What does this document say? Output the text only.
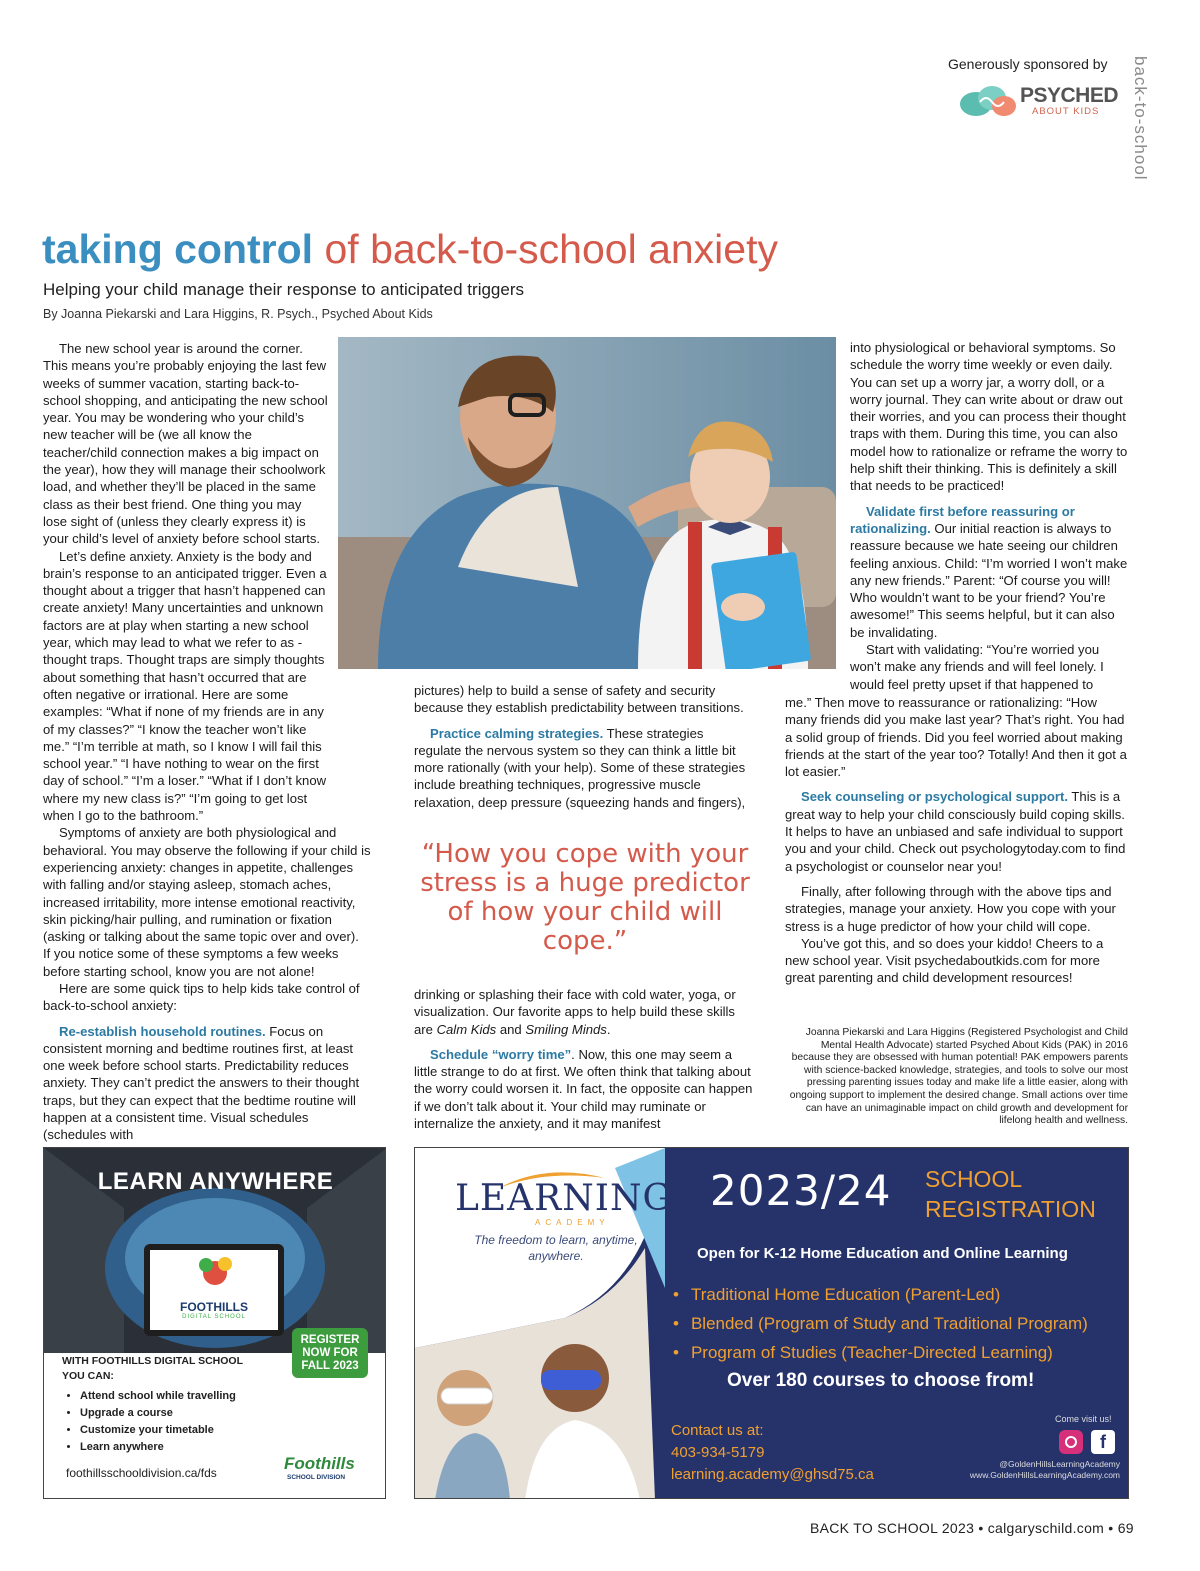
Generously sponsored by
PSYCHED
ABOUT KIDS back-to-school
taking control of back-to-school anxiety
Helping your child manage their response to anticipated triggers
By Joanna Piekarski and Lara Higgins, R. Psych., Psyched About Kids

The new school year is around the corner. This means you’re probably enjoying the last few weeks of summer vacation, starting back-to-school shopping, and anticipating the new school year. You may be wondering who your child’s new teacher will be (we all know the teacher/child connection makes a big impact on the year), how they will manage their schoolwork load, and whether they’ll be placed in the same class as their best friend. One thing you may lose sight of (unless they clearly express it) is your child’s level of anxiety before school starts.

Let’s define anxiety. Anxiety is the body and brain’s response to an anticipated trigger. Even a thought about a trigger that hasn’t happened can create anxiety! Many uncertainties and unknown factors are at play when starting a new school year, which may lead to what we refer to as - thought traps. Thought traps are simply thoughts about something that hasn’t occurred that are often negative or irrational. Here are some examples: “What if none of my friends are in any of my classes?” “I know the teacher won’t like me.” “I’m terrible at math, so I know I will fail this school year.” “I have nothing to wear on the first day of school.” “I’m a loser.” “What if I don’t know where my new class is?” “I’m going to get lost when I go to the bathroom.”

Symptoms of anxiety are both physiological and behavioral. You may observe the following if your child is experiencing anxiety: changes in appetite, challenges with falling and/or staying asleep, stomach aches, increased irritability, more intense emotional reactivity, skin picking/hair pulling, and rumination or fixation (asking or talking about the same topic over and over).

If you notice some of these symptoms a few weeks before starting school, know you are not alone!

Here are some quick tips to help kids take control of back-to-school anxiety:

Re-establish household routines. Focus on consistent morning and bedtime routines first, at least one week before school starts. Predictability reduces anxiety. They can’t predict the answers to their thought traps, but they can expect that the bedtime routine will happen at a consistent time. Visual schedules (schedules with

pictures) help to build a sense of safety and security because they establish predictability between transitions.

Practice calming strategies. These strategies regulate the nervous system so they can think a little bit more rationally (with your help). Some of these strategies include breathing techniques, progressive muscle relaxation, deep pressure (squeezing hands and fingers),

“How you cope with your stress is a huge predictor of how your child will cope.”

drinking or splashing their face with cold water, yoga, or visualization. Our favorite apps to help build these skills are Calm Kids and Smiling Minds.

Schedule “worry time”. Now, this one may seem a little strange to do at first. We often think that talking about the worry could worsen it. In fact, the opposite can happen if we don’t talk about it. Your child may ruminate or internalize the anxiety, and it may manifest

into physiological or behavioral symptoms. So schedule the worry time weekly or even daily. You can set up a worry jar, a worry doll, or a worry journal. They can write about or draw out their worries, and you can process their thought traps with them. During this time, you can also model how to rationalize or reframe the worry to help shift their thinking. This is definitely a skill that needs to be practiced!

Validate first before reassuring or rationalizing. Our initial reaction is always to reassure because we hate seeing our children feeling anxious. Child: “I’m worried I won’t make any new friends.” Parent: “Of course you will! Who wouldn’t want to be your friend? You’re awesome!” This seems helpful, but it can also be invalidating.

Start with validating: “You’re worried you won’t make any friends and will feel lonely. I would feel pretty upset if that happened to

me.” Then move to reassurance or rationalizing: “How many friends did you make last year? That’s right. You had a solid group of friends. Did you feel worried about making friends at the start of the year too? Totally! And then it got a lot easier.”

Seek counseling or psychological support. This is a great way to help your child consciously build coping skills. It helps to have an unbiased and safe individual to support you and your child. Check out psychologytoday.com to find a psychologist or counselor near you!

Finally, after following through with the above tips and strategies, manage your anxiety. How you cope with your stress is a huge predictor of how your child will cope.

You’ve got this, and so does your kiddo! Cheers to a new school year. Visit psychedaboutkids.com for more great parenting and child development resources!

Joanna Piekarski and Lara Higgins (Registered Psychologist and Child Mental Health Advocate) started Psyched About Kids (PAK) in 2016 because they are obsessed with human potential! PAK empowers parents with science-backed knowledge, strategies, and tools to solve our most pressing parenting issues today and make life a little easier, along with ongoing support to implement the desired change. Small actions over time can have an unimaginable impact on child growth and development for lifelong health and wellness.
LEARN ANYWHERE
FOOTHILLS
DIGITAL SCHOOL
REGISTER
NOW FOR
FALL 2023
WITH FOOTHILLS DIGITAL SCHOOL
YOU CAN:
• Attend school while travelling
• Upgrade a course
• Customize your timetable
• Learn anywhere
foothillsschooldivision.ca/fds	Foothills
SCHOOL DIVISION
LEARNING
ACADEMY
The freedom to learn, anytime,
anywhere.
2023/24 SCHOOL
REGISTRATION
Open for K-12 Home Education and Online Learning
• Traditional Home Education (Parent-Led)
• Blended (Program of Study and Traditional Program)
• Program of Studies (Teacher-Directed Learning)
Over 180 courses to choose from!
Contact us at:
403-934-5179
learning.academy@ghsd75.ca
Come visit us!
f
@GoldenHillsLearningAcademy
www.GoldenHillsLearningAcademy.com
BACK TO SCHOOL 2023 • calgaryschild.com • 69
